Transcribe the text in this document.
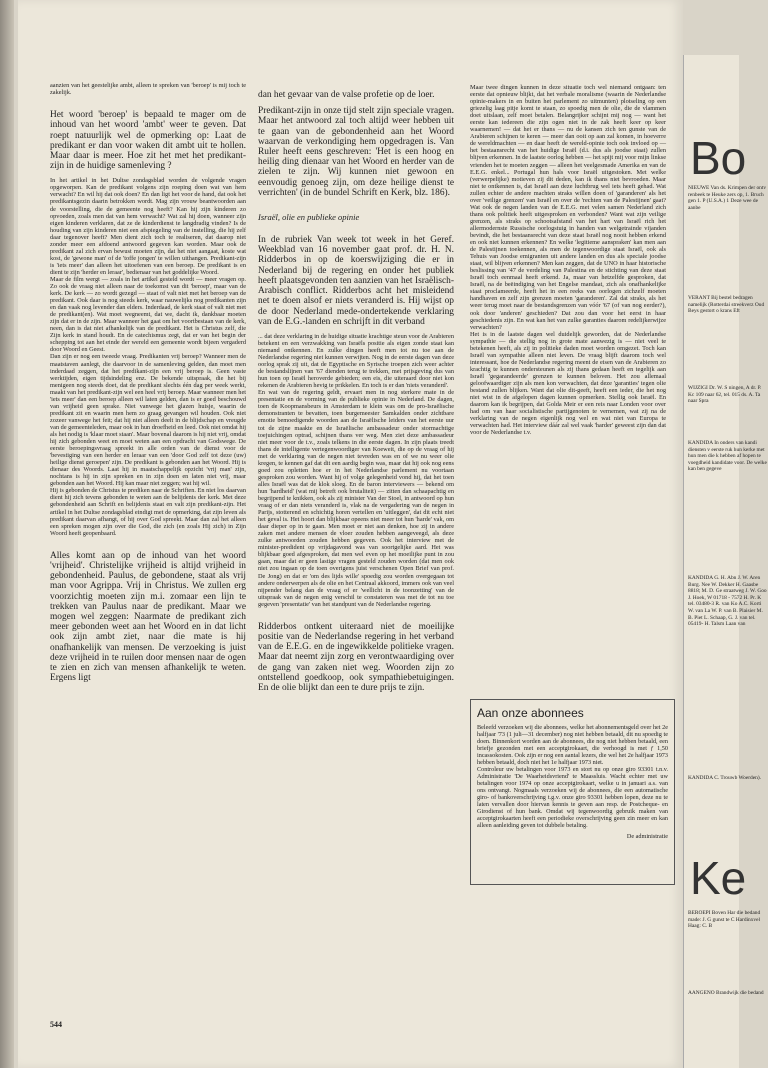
aanzien van het geestelijke ambt, alleen te spreken van 'beroep' is mij toch te zakelijk.

Het woord 'beroep' is bepaald te mager om de inhoud van het woord 'ambt' weer te geven. Dat roept natuurlijk wel de opmerking op: Laat de predikant er dan voor waken dit ambt uit te hollen. Maar daar is meer. Hoe zit het met het predikant-zijn in de huidige samenleving ?

In het artikel in het Dultse zondagsblad worden de volgende vragen opgeworpen. Kan de predikant volgens zijn roeping doen wat van hem verwacht? En wil hij dat ook doen? En dan ligt het voor de hand, dat ook het predikantsgezin daarin betrokken wordt. Mag zijn vrouw beantwoorden aan de voorstelling, die de gemeente nog heeft? Kan hij zijn kinderen zo opvoeden, zoals men dat van hem verwacht? Wat zal hij doen, wanneer zijn eigen kinderen verklaren, dat ze de kinderdienst te langdradig vinden? Is de houding van zijn kinderen niet een afspiegeling van de instelling, die hij zelf daar tegenover heeft? Men dient zich toch te realiseren, dat daarop niet zonder meer een afdoend antwoord gegeven kan worden. Maar ook de predikant zal zich ervan bewust moeten zijn, dat het niet aangaat, koste wat kost, de 'gewone man' of de 'toffe jongen' te willen uithangen. Predikant-zijn is 'iets meer' dan alleen het uitoefenen van een beroep. De predikant is en dient te zijn 'herder en leraar', bedienaar van het goddelijke Woord.

Maar de film wergt — zoals in het artikel gesteld wordt — meer vragen op. Zo ook de vraag niet alleen naar de toekomst van dit 'beroep', maar van de kerk. De kerk — zo wordt gezegd — staat of valt niet met het beroep van de predikant. Ook daar is nog steeds kerk, waar nauwelijks nog predikanten zijn en dan vaak nog levender dan elders. Inderdaad, de kerk staat of valt niet met de predikant(en). Wat moet wegneemt, dat we, dacht ik, dankbaar moeten zijn dat er in de zijn. Maar wanneer het gaat om het voortbestaan van de kerk, neen, dan is dat niet afhankelijk van de predikant. Het is Christus zelf, die Zijn kerk in stand houdt. En de catechismus zegt, dat er van het begin der schepping tot aan het einde der wereld een gemeente wordt bijeen vergaderd door Woord en Geest.

Dan zijn er nog een tweede vraag. Predikanten vrij beroep? Wanneer men de maatstaven aanlegt, die daarvoor in de samenleving gelden, dan moet men inderdaad zeggen, dat het predikant-zijn een vrij beroep is. Geen vaste werktijden, eigen tijdsindeling enz. De bekende uitspraak, die het bij menigeen nog steeds doet, dat de predikant slechts één dag per week werkt, maakt van het predikant-zijn wel een heel vrij beroep. Maar wanneer men het 'iets meer' dan een beroep alleen wil laten gelden, dan is er goed beschouwd van vrijheid geen sprake. Niet vanwege het glazen huisje, waarin de predikant zit en waarin men hem zo graag gevangen wil houden. Ook niet zozeer vanwege het feit; dat hij niet alleen deelt in de blijdschap en vreugde van de gemeenteleden, maar ook in hun droefheid en leed. Ook niet omdat hij als het nodig is 'klaar moet staan'. Maar bovenal daarom is hij niet vrij, omdat hij zich gebonden weet en moet weten aan een opdracht van Godswege. De eerste beroepingsvraag spreekt in alle orden van de dienst voor de 'bevestiging van een herder en leraar van een 'door God zelf tot deze (uw) heilige dienst geroepen' zijn. De predikant is gebonden aan het Woord. Hij is dienaar des Woords. Laat hij in maatschappelijk opzicht 'vrij man' zijn, nochtans is hij in zijn spreken en in zijn doen en laten niet vrij, maar gebonden aan het Woord. Hij kan maar niet zeggen; wat hij wil.

Hij is gebonden de Christus te prediken naar de Schriften. En niet los daarvan dient hij zich tevens gebonden te weten aan de belijdenis der kerk. Met deze gebondenheid aan Schrift en belijdenis staat en valt zijn predikant-zijn. Het artikel in het Dultse zondagsblad eindigt met de opmerking, dat zijn leven als predikant daarvan afhangt, of hij over God spreekt. Maar dan zal het alleen een spreken mogen zijn over die God, die zich (en zoals Hij zich) in Zijn Woord heeft geopenbaard.

Alles komt aan op de inhoud van het woord 'vrijheid'. Christelijke vrijheid is altijd vrijheid in gebondenheid. Paulus, de gebondene, staat als vrij man voor Agrippa. Vrij in Christus. We zullen erg voorzichtig moeten zijn m.i. zomaar een lijn te trekken van Paulus naar de predikant. Maar we mogen wel zeggen: Naarmate de predikant zich meer gebonden weet aan het Woord en in dat licht ook zijn ambt ziet, naar die mate is hij onafhankelijk van mensen. De verzoeking is juist deze vrijheid in te ruilen door mensen naar de ogen te zien en zich van mensen afhankelijk te weten. Ergens ligt

dan het gevaar van de valse profetie op de loer.

Predikant-zijn in onze tijd stelt zijn speciale vragen. Maar het antwoord zal toch altijd weer hebben uit te gaan van de gebondenheid aan het Woord waarvan de verkondiging hem opgedragen is. Van Ruler heeft eens geschreven: 'Het is een hoog en heilig ding dienaar van het Woord en herder van de zielen te zijn. Wij kunnen niet gewoon en eenvoudig genoeg zijn, om deze heilige dienst te verrichten' (in de bundel Schrift en Kerk, blz. 186).

Israël, olie en publieke opinie

In de rubriek Van week tot week in het Geref. Weekblad van 16 november gaat prof. dr. H. N. Ridderbos in op de koerswijziging die er in Nederland bij de regering en onder het publiek heeft plaatsgevonden ten aanzien van het Israëlisch-Arabisch conflict. Ridderbos acht het misleidend net te doen alsof er niets veranderd is. Hij wijst op de door Nederland mede-ondertekende verklaring van de E.G.-landen en schrijft in dit verband

... dat deze verklaring in de huidige situatie krachtige steun voor de Arabieren betekent en een verzwakking van Israëls positie als eigen zonde staat kan niemand ontkennen. En zulke dingen heeft men tot nu toe aan de Nederlandse regering niet kunnen verwijten. Nog in de eerste dagen van deze oorlog sprak zij uit, dat de Egyptische en Syrische troepen zich weer achter de bestandslijnen van '67 dienden terug te trekken, met prijsgeving dus van hun toen op Israël heroverde gebieden; een eis, die uiteraard door niet kon rekenen de Arabieren hevig te prikkelen. En toch is er dan 'niets veranderd'.

En wat van de regering geldt, ervaart men in nog sterkere mate in de presentatie en de vorming van de publieke opinie in Nederland. De dagen, toen de Koopmansbeurs in Amsterdam te klein was om de pro-Israëlische demonstranten te bevatten, toen burgemeester Samkalden onder zichtbare emotie bemoedigende woorden aan de Israëlische leiders van het eerste uur tot de zijne maakte en de Israëlische ambassadeur onder stormachtige toejuichingen optrad, schijnen thans ver weg. Men ziet deze ambassadeur niet meer voor de t.v., zoals telkens in die eerste dagen. In zijn plaats treedt thans de intelligente vertegenwoordiger van Koeweit, die op de vraag of hij met de verklaring van de negen niet tevreden was en of we nu weer olie kregen, te kennen gaf dat dit een aardig begin was, maar dat hij ook nog eens goed zou opletten hoe er in het Nederlandse parlement nu voortaan gesproken zou worden. Want hij of volge gelegenheid vond hij, dat het toen alles Israël was dat de klok sloeg. En de baron interviewers — bekend om hun 'hardheid' (wat mij betreft ook brutaliteit) — zitten dan schaapachtig en begrijpend te knikken, ook als zij minister Van der Stoel, in antwoord op hun vraag of er dan niets veranderd is, vlak na de vergadering van de negen in Parijs, stotterend en schichtig horen vertellen en 'uitleggen', dat dit echt niet het geval is. Het hoort dan blijkbaar opeens niet meer tot hun 'harde' vak, om daar dieper op in te gaan. Men moet er niet aan denken, hoe zij in andere zaken met andere mensen de vloer zouden hebben aangeveegd, als deze zulke antwoorden zouden hebben gegeven. Ook het interview met de minister-predident op vrijdagavond was van soortgelijke aard. Het was blijkbaar goed afgesproken, dat men wel even op het moeilijke punt in zou gaan, maar dat er geen lastige vragen gesteld zouden worden (dat men ook niet zou ingaan op de toen overigens juist verschenen Open Brief van prof. De Jong) en dat er 'om des lijds wille' spoedig zou worden overgegaan tot andere onderwerpen als de olie en het Centraal akkoord, immers ook van veel nijpender belang dan de vraag of er 'wellicht in de toonzetting' van de uitspraak van de negen enig verschil te constateren was met de tot nu toe gegeven 'presentatie' van het standpunt van de Nederlandse regering.

Ridderbos ontkent uiteraard niet de moeilijke positie van de Nederlandse regering in het verband van de E.E.G. en de ingewikkelde politieke vragen. Maar dat neemt zijn zorg en verontwaardiging over de gang van zaken niet weg. Woorden zijn zo ontstellend goedkoop, ook sympathiebetuigingen. En de olie blijkt dan een te dure prijs te zijn.

Maar twee dingen kunnen in deze situatie toch wel niemand ontgaan: ten eerste dat opnieuw blijkt, dat het verbale moralisme (waarin de Nederlandse opinie-makers in en buiten het parlement zo uitmunten) plotseling op een griezelig laag pitje komt te staan, zo spoedig men de olie, die de vlammen doet uitslaan, zelf moet betalen. Belangrijker schijnt mij nog — want het eerste kan iedereen die zijn ogen niet in de zak heeft keer op keer waarnemen! — dat het er thans — nu de kansen zich ten gunste van de Arabieren schijnen te keren — meer dan ooit op aan zal komen, in hoeverre de wereldmachten — en daar heeft de wereld-opinie toch ook invloed op — het bestaansrecht van het huidige Israël (d.i. dus als joodse staat) zullen blijven erkennen. In de laatste oorlog hebben — het spijt mij voor mijn linkse vrienden het te moeten zeggen — alleen het veelgesmade Amerika en van de E.E.G. enkel... Portugal hun hals voor Israël uitgestoken. Met welke (verwerpelijke) motieven zij dit deden, kan ik thans niet bevroeden. Maar niet te ontkennen is, dat Israël aan deze luchtbrug wel iets heeft gehad. Wat zullen echter de andere machten straks willen doen of 'garanderen' als het over 'veilige grenzen' van Israël en over de 'rechten van de Palestijnen' gaat? Wat ook de negen landen van de E.E.G. met velen samen Nederland zich thans ook politiek heeft uitgesproken en verbonden? Want wat zijn veilige grenzen, als straks op schootsafstand van het hart van Israël rich het allermodernste Russische oorlogstuig in handen van welgetrainde vijanden bevindt, die het bestaansrecht van deze staat Israël nog nooit hebben erkend en ook niet kunnen erkennen? En welke 'legitieme aanspraken' kan men aan de Palestijnen toekennen, als men de tegenwoordige staat Israël, ook als Tehuis van Joodse emigranten uit andere landen en dus als speciale joodse staat, wil blijven erkennen? Men kan zeggen, dat de UNO in haar historische beslissing van '47 de verdeling van Palestina en de stichting van deze staat Israël toch eenmaal heeft erkend. Ja, maar van hetzelfde gesproken, dat Israël, na de beëindiging van het Engelse mandaat, zich als onafhankelijke staat proclameerde, heeft het in een reeks van oorlogen zichzelf moeten handhaven en zelf zijn grenzen moeten 'garanderen'. Zal dat straks, als het weer terug moet naar de bestandsgrenzen van vóór '67 (of van nog eerder?), ook door 'anderen' geschieden? Dat zou dan voor het eerst in haar geschiedenis zijn. En wat kan het van zulke garanties daarom redelijkerwijze verwachten?

Het is in de laatste dagen wel duidelijk geworden, dat de Nederlandse sympathie — die stellig nog in grote mate aanwezig is — niet veel te betekenen heeft, als zij in politieke daden moet worden omgezet. Toch kan Israël van sympathie alleen niet leven. De vraag blijft daarom toch wel interessant, hoe de Nederlandse regering meent de eisen van de Arabieren zo krachtig te kunnen ondersteunen als zij thans gedaan heeft en tegelijk aan Israël 'gegarandeerde' grenzen te kunnen beloven. Het zou allemaal geloofwaardiger zijn als men kon verwachten, dat deze 'garanties' tegen olie bestand zullen blijken. Want dat olie dit-geeft, heeft een ieder, die het nog niet wist in de afgelopen dagen kunnen opmerken. Stellig ook Israël. En daarom kan ik begrijpen, dat Golda Meir er een reis naar Londen voor over had om van haar socialistische partijgenoten te vernemen, wat zij na de verklaring van de negen eigenlijk nog wel en wat niet van Europa te verwachten had. Het interview dáár zal wel vaak 'harder' geweest zijn dan dat voor de Nederlandse t.v.

Aan onze abonnees

Beleefd verzoeken wij die abonnees, welke het abonnementsgeld over het 2e halfjaar '73 (1 juli—31 december) nog niet hebben betaald, dit nu spoedig te doen. Binnenkort worden aan de abonnees, die nog niet hebben betaald, een briefje gezonden met een acceptgirokaart, die verhoogd is met ƒ 1,50 incassokosten. Ook zijn er nog een aantal lezers, die wel het 2e halfjaar 1973 hebben betaald, doch niet het 1e halfjaar 1973 niet.

Controleur uw betalingen voor 1973 en stort nu op onze giro 93301 t.n.v. Administratie 'De Waarheidsvriend' te Maassluis. Wacht echter met uw betalingen voor 1974 op onze acceptgirokaart, welke u in januari a.s. van ons ontvangt. Nogmaals verzoeken wij de abonnees, die een automatische giro- of bankoverschrijving t.g.v. onze giro 93301 hebben lopen, deze nu te laten vervallen door hiervan kennis te geven aan resp. de Postcheque- en Girodienst of hun bank. Omdat wij tegenwoordig gebruik maken van acceptgirokaarten heeft een periodieke overschrijving geen zin meer en kan alleen aanleiding geven tot dubbele betaling.

De administratie

544
Bo
NIEUWE Van ds. Krimpen der ontv renbeek te Heuke zers op, 1. Bruch gen 1. P (U.S.A.) 1 Deze wee de aanbe
VERANT Bij bestel bedragen namelijk (Rotterdai streekverz Oud Beys gestort o krans Eft
WIJZIGI Dr. W. S ningen, A dr. P. Kc 109 naar 62, tel. 015 ds. A. Ta naar Spra
KANDIDA In onders van kandi diensten v eerste ruk hun kerke met hun men die k hebben af hopen te voegdheid kandidate voor. De welke kan ben gegeve
KANDIDA G. H. Abn J. W. Aren Burg. Nee W. Dekker H. Gaasbe 8818; M. D. Ge straatweg J. W. Goo J. Hoek, W 01718 - 7572 H. Pr. K tel. 03480-3 R. van Ko A.C. Korti W. van La W. P. van B. Plaisier M. B. Piet L. Schaap, G. J. van tel. 05419- H. Talsm Laan van
KANDIDA C. Trouwb Woerden).
Ke
BEROEPI Boven Har die bedand made: J. G gunst te C Hardinxvel Haag: C. B
AANGENO Brandwijk die bedand
